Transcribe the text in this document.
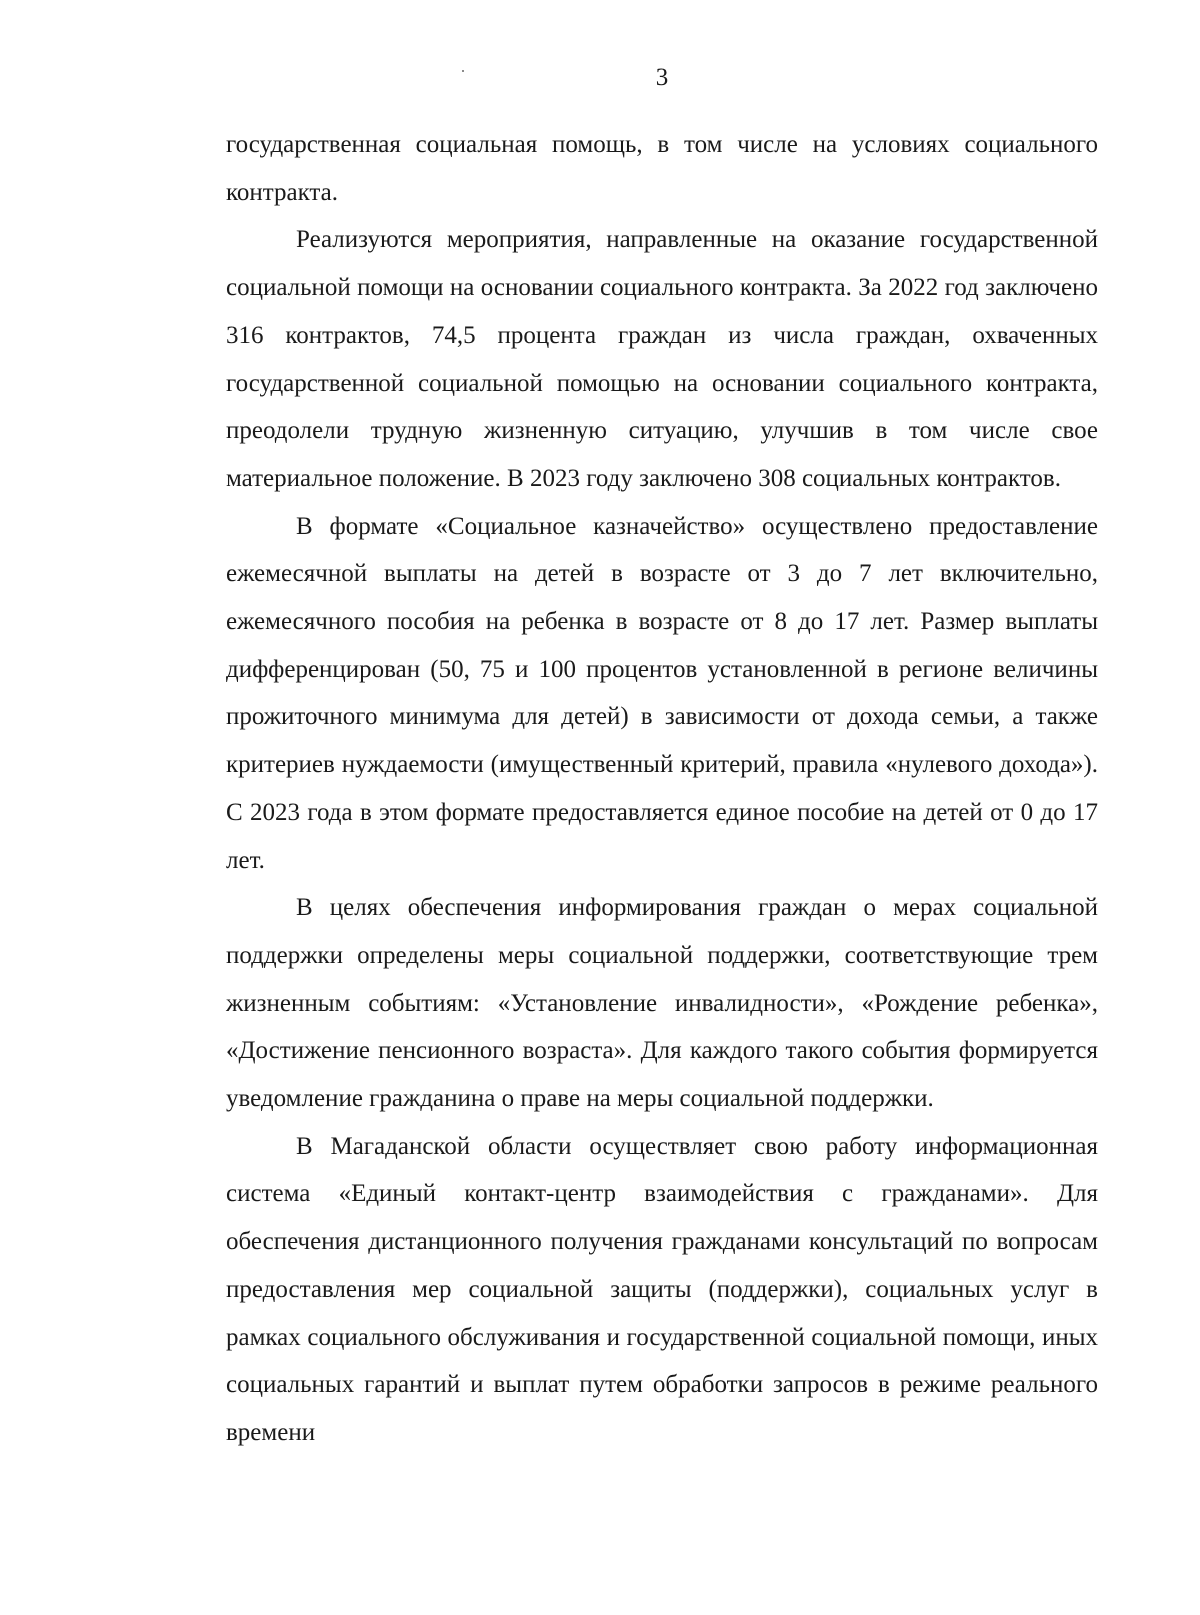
3

государственная социальная помощь, в том числе на условиях социального контракта.

Реализуются мероприятия, направленные на оказание государственной социальной помощи на основании социального контракта. За 2022 год заключено 316 контрактов, 74,5 процента граждан из числа граждан, охваченных государственной социальной помощью на основании социального контракта, преодолели трудную жизненную ситуацию, улучшив в том числе свое материальное положение. В 2023 году заключено 308 социальных контрактов.

В формате «Социальное казначейство» осуществлено предоставление ежемесячной выплаты на детей в возрасте от 3 до 7 лет включительно, ежемесячного пособия на ребенка в возрасте от 8 до 17 лет. Размер выплаты дифференцирован (50, 75 и 100 процентов установленной в регионе величины прожиточного минимума для детей) в зависимости от дохода семьи, а также критериев нуждаемости (имущественный критерий, правила «нулевого дохода»). С 2023 года в этом формате предоставляется единое пособие на детей от 0 до 17 лет.

В целях обеспечения информирования граждан о мерах социальной поддержки определены меры социальной поддержки, соответствующие трем жизненным событиям: «Установление инвалидности», «Рождение ребенка», «Достижение пенсионного возраста». Для каждого такого события формируется уведомление гражданина о праве на меры социальной поддержки.

В Магаданской области осуществляет свою работу информационная система «Единый контакт-центр взаимодействия с гражданами». Для обеспечения дистанционного получения гражданами консультаций по вопросам предоставления мер социальной защиты (поддержки), социальных услуг в рамках социального обслуживания и государственной социальной помощи, иных социальных гарантий и выплат путем обработки запросов в режиме реального времени
